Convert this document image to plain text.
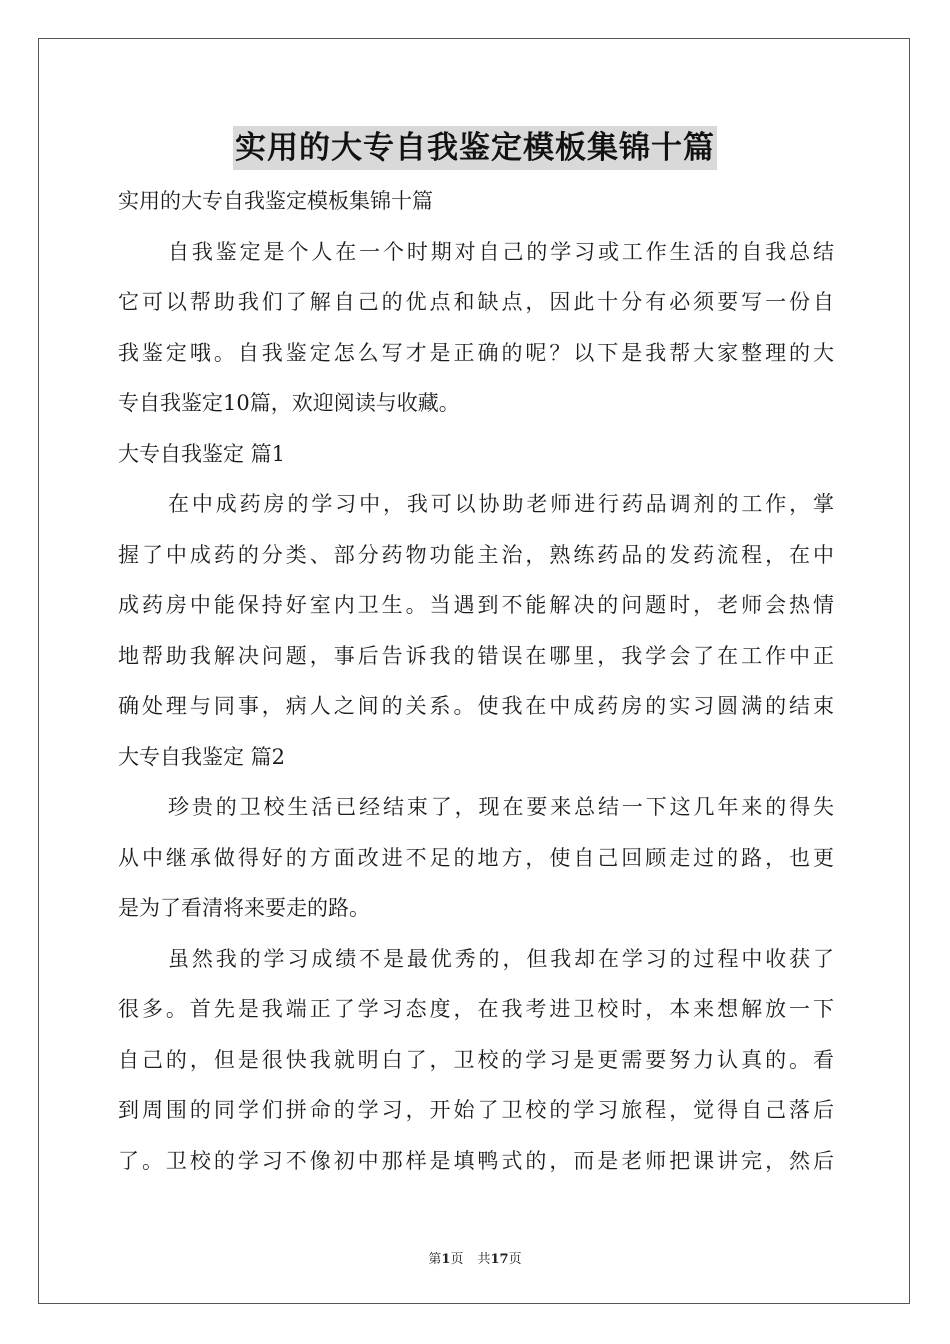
实用的大专自我鉴定模板集锦十篇
实用的大专自我鉴定模板集锦十篇
自我鉴定是个人在一个时期对自己的学习或工作生活的自我总结
它可以帮助我们了解自己的优点和缺点，因此十分有必须要写一份自
我鉴定哦。自我鉴定怎么写才是正确的呢？以下是我帮大家整理的大
专自我鉴定10篇，欢迎阅读与收藏。
大专自我鉴定 篇1
在中成药房的学习中，我可以协助老师进行药品调剂的工作，掌
握了中成药的分类、部分药物功能主治，熟练药品的发药流程，在中
成药房中能保持好室内卫生。当遇到不能解决的问题时，老师会热情
地帮助我解决问题，事后告诉我的错误在哪里，我学会了在工作中正
确处理与同事，病人之间的关系。使我在中成药房的实习圆满的结束
大专自我鉴定 篇2
珍贵的卫校生活已经结束了，现在要来总结一下这几年来的得失
从中继承做得好的方面改进不足的地方，使自己回顾走过的路，也更
是为了看清将来要走的路。
虽然我的学习成绩不是最优秀的，但我却在学习的过程中收获了
很多。首先是我端正了学习态度，在我考进卫校时，本来想解放一下
自己的，但是很快我就明白了，卫校的学习是更需要努力认真的。看
到周围的同学们拼命的学习，开始了卫校的学习旅程，觉得自己落后
了。卫校的学习不像初中那样是填鸭式的，而是老师把课讲完，然后
第1页 共17页
